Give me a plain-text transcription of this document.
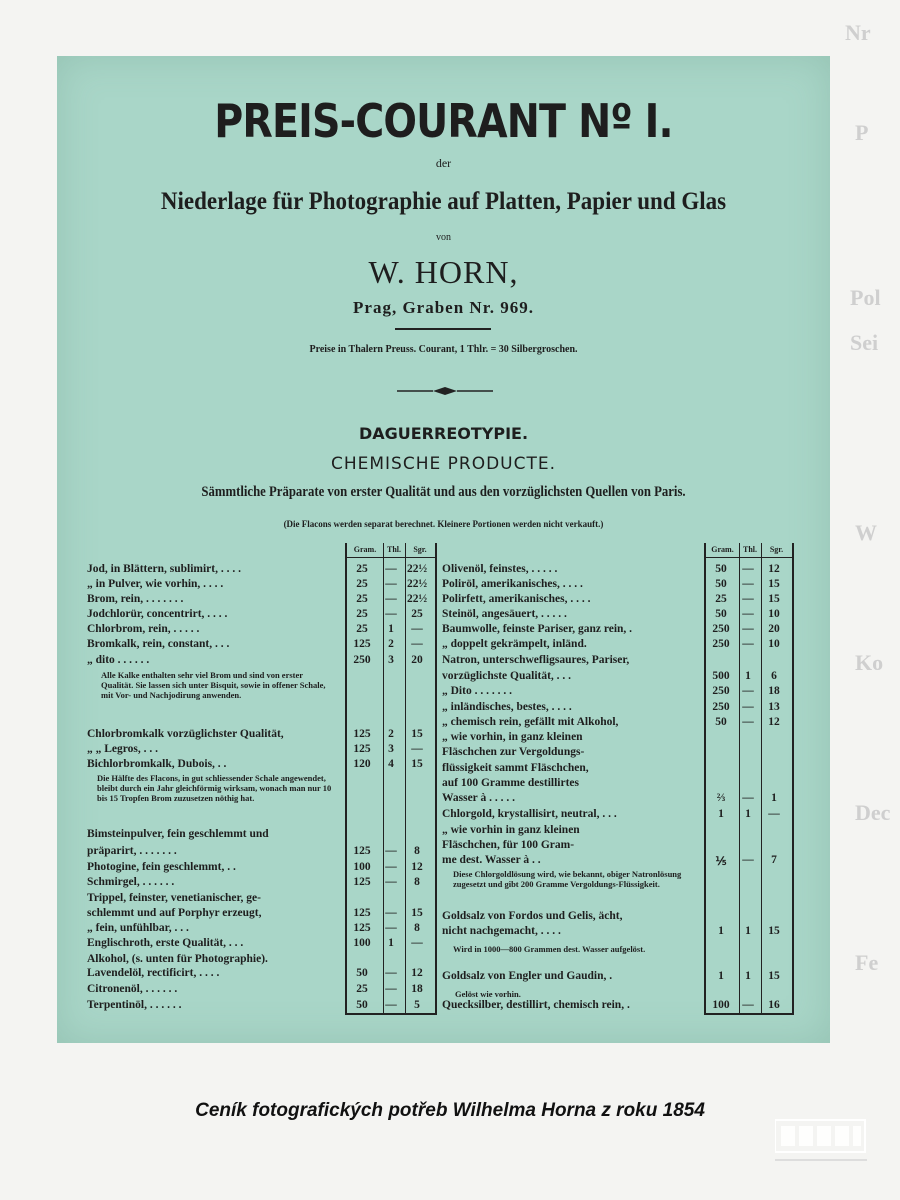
Nr
P
Pol
Sei
W
Ko
Dec
Fe
PREIS-COURANT Nº I.
der
Niederlage für Photographie auf Platten, Papier und Glas
von
W. HORN,
Prag, Graben Nr. 969.
Preise in Thalern Preuss. Courant, 1 Thlr. = 30 Silbergroschen.
DAGUERREOTYPIE.
CHEMISCHE PRODUCTE.
Sämmtliche Präparate von erster Qualität und aus den vorzüglichsten Quellen von Paris.
(Die Flacons werden separat berechnet. Kleinere Portionen werden nicht verkauft.)
Gram.	Thl.	Sgr.	Gram.	Thl.	Sgr.
Jod, in Blättern, sublimirt, . . . .	25	— 22½
„ in Pulver, wie vorhin, . . . .	25	— 22½
Brom, rein, . . . . . . .	25	— 22½
Jodchlorür, concentrirt, . . . .	25	—	25
Chlorbrom, rein, . . . . .	25	1	—
Bromkalk, rein, constant, . . .	125	2	—
„ dito . . . . . .	250	3	20
Chlorbromkalk vorzüglichster Qualität,	125	2	15
„ „ Legros, . . .	125	3	—
Bichlorbromkalk, Dubois, . .	120	4	15
Bimsteinpulver, fein geschlemmt und
präparirt, . . . . . . .	125	—	8
Photogine, fein geschlemmt, . .	100	—	12
Schmirgel, . . . . . .	125	—	8
Trippel, feinster, venetianischer, ge-
schlemmt und auf Porphyr erzeugt,	125	—	15
„ fein, unfühlbar, . . .	125	—	8
Englischroth, erste Qualität, . . .	100	1	—
Alkohol, (s. unten für Photographie).
Lavendelöl, rectificirt, . . . .	50	—	12
Citronenöl, . . . . . .	25	—	18
Terpentinöl, . . . . . .	50	—	5
Olivenöl, feinstes, . . . . .	50	—	12
Poliröl, amerikanisches, . . . .	50	—	15
Polirfett, amerikanisches, . . . .	25	—	15
Steinöl, angesäuert, . . . . .	50	—	10
Baumwolle, feinste Pariser, ganz rein, .	250	—	20
„ doppelt gekrämpelt, inländ.	250	—	10
Natron, unterschwefligsaures, Pariser,
vorzüglichste Qualität, . . .	500	1	6
„ Dito . . . . . . .	250	—	18
„ inländisches, bestes, . . . .	250	—	13
„ chemisch rein, gefällt mit Alkohol,	50	—	12
„ wie vorhin, in ganz kleinen
Fläschchen zur Vergoldungs-
flüssigkeit sammt Fläschchen,
auf 100 Gramme destillirtes
Wasser à . . . . .	⅔	—	1
Chlorgold, krystallisirt, neutral, . . .	1	1	—
„ wie vorhin in ganz kleinen
Fläschchen, für 100 Gram-
me dest. Wasser à . .	⅕	—	7
Goldsalz von Fordos und Gelis, ächt,
nicht nachgemacht, . . . .	1	1	15
Goldsalz von Engler und Gaudin, .	1	1	15
Quecksilber, destillirt, chemisch rein, .	100	—	16
Alle Kalke enthalten sehr viel Brom und sind von erster Qualität. Sie lassen sich unter Bisquit, sowie in offener Schale, mit Vor- und Nachjodirung anwenden.
Die Hälfte des Flacons, in gut schliessender Schale angewendet, bleibt durch ein Jahr gleichförmig wirksam, wonach man nur 10 bis 15 Tropfen Brom zuzusetzen nöthig hat.
Diese Chlorgoldlösung wird, wie bekannt, obiger Natronlösung zugesetzt und gibt 200 Gramme Vergoldungs-Flüssigkeit.
Wird in 1000—800 Grammen dest. Wasser aufgelöst.
Gelöst wie vorhin.
Ceník fotografických potřeb Wilhelma Horna z roku 1854
